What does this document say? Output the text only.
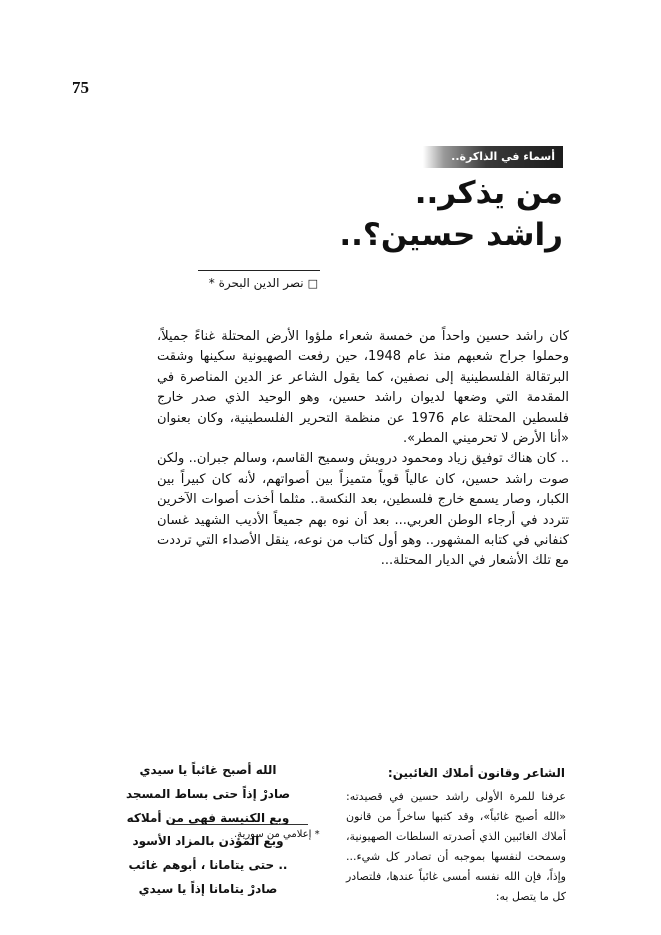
75
أسماء في الذاكرة..
من يذكر..
راشد حسين؟..
□نصر الدين البحرة *

كان راشد حسين واحداً من خمسة شعراء ملؤوا الأرض المحتلة غناءً جميلاً، وحملوا جراح شعبهم منذ عام 1948، حين رفعت الصهيونية سكينها وشقت البرتقالة الفلسطينية إلى نصفين، كما يقول الشاعر عز الدين المناصرة في المقدمة التي وضعها لديوان راشد حسين، وهو الوحيد الذي صدر خارج فلسطين المحتلة عام 1976 عن منظمة التحرير الفلسطينية، وكان بعنوان «أنا الأرض لا تحرميني المطر».

.. كان هناك توفيق زياد ومحمود درويش وسميح القاسم، وسالم جبران.. ولكن صوت راشد حسين، كان عالياً قوياً متميزاً بين أصواتهم، لأنه كان كبيراً بين الكبار، وصار يسمع خارج فلسطين، بعد النكسة.. مثلما أخذت أصوات الآخرين تتردد في أرجاء الوطن العربي... بعد أن نوه بهم جميعاً الأديب الشهيد غسان كنفاني في كتابه المشهور.. وهو أول كتاب من نوعه، ينقل الأصداء التي ترددت مع تلك الأشعار في الديار المحتلة...

الله أصبح غائباً يا سيدي
صادرْ إذاً حتى بساط المسجد
وبع الكنيسة فهي من أملاكه
وبع المؤذن بالمزاد الأسود
.. حتى يتامانا ، أبوهم غائب
صادرْ يتامانا إذاً يا سيدي
الشاعر وقانون أملاك الغائبين:
عرفنا للمرة الأولى راشد حسين في قصيدته: «الله أصبح غائباً»، وقد كتبها ساخراً من قانون أملاك الغائبين الذي أصدرته السلطات الصهيونية، وسمحت لنفسها بموجبه أن تصادر كل شيء... وإذاً، فإن الله نفسه أمسى غائباً عندها، فلتصادر كل ما يتصل به:
* إعلامي من سورية.
